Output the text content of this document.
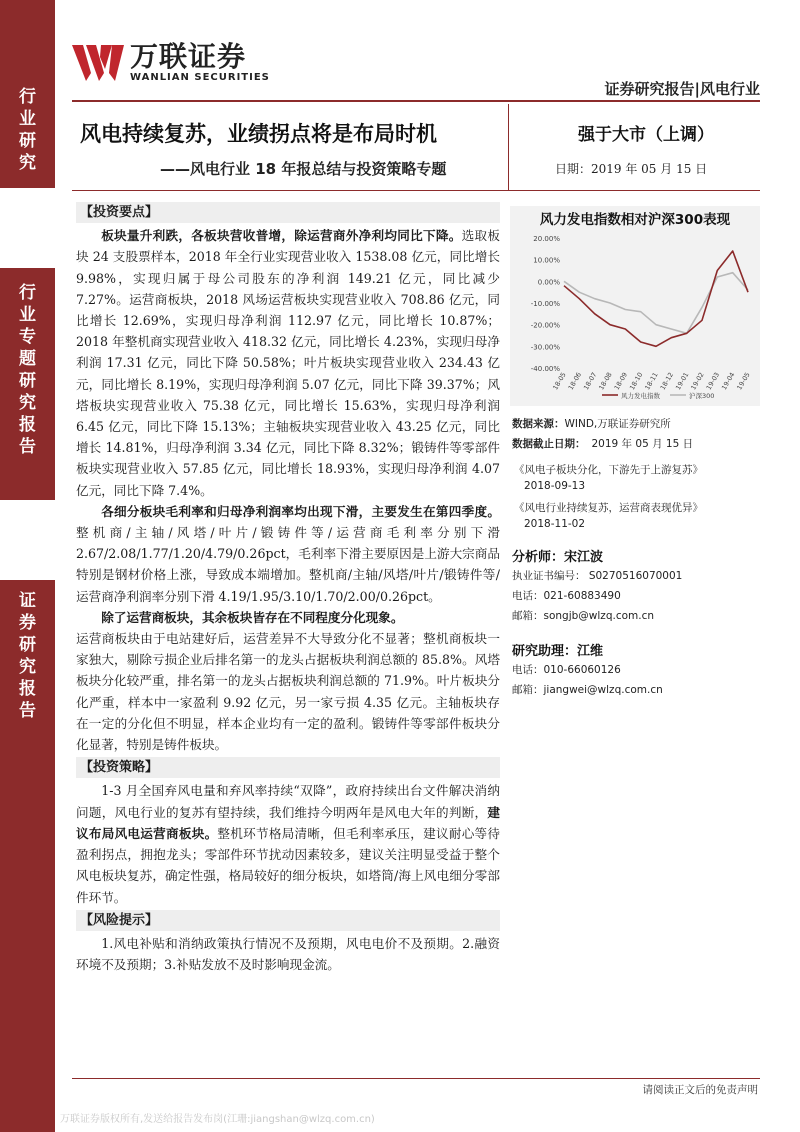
行
业
研
究
行
业
专
题
研
究
报
告
证
券
研
究
报
告
万联证券
WANLIAN SECURITIES
证券研究报告|风电行业
风电持续复苏，业绩拐点将是布局时机
——风电行业 18 年报总结与投资策略专题
强于大市（上调）
日期：2019 年 05 月 15 日
【投资要点】

板块量升利跌，各板块营收普增，除运营商外净利均同比下降。选取板块 24 支股票样本，2018 年全行业实现营业收入 1538.08 亿元，同比增长 9.98%，实现归属于母公司股东的净利润 149.21 亿元，同比减少 7.27%。运营商板块，2018 风场运营板块实现营业收入 708.86 亿元，同比增长 12.69%，实现归母净利润 112.97 亿元，同比增长 10.87%；2018 年整机商实现营业收入 418.32 亿元，同比增长 4.23%，实现归母净利润 17.31 亿元，同比下降 50.58%；叶片板块实现营业收入 234.43 亿元，同比增长 8.19%，实现归母净利润 5.07 亿元，同比下降 39.37%；风塔板块实现营业收入 75.38 亿元，同比增长 15.63%，实现归母净利润 6.45 亿元，同比下降 15.13%；主轴板块实现营业收入 43.25 亿元，同比增长 14.81%，归母净利润 3.34 亿元，同比下降 8.32%；锻铸件等零部件板块实现营业收入 57.85 亿元，同比增长 18.93%，实现归母净利润 4.07 亿元，同比下降 7.4%。

各细分板块毛利率和归母净利润率均出现下滑，主要发生在第四季度。整机商/主轴/风塔/叶片/锻铸件等/运营商毛利率分别下滑 2.67/2.08/1.77/1.20/4.79/0.26pct，毛利率下滑主要原因是上游大宗商品特别是钢材价格上涨，导致成本端增加。整机商/主轴/风塔/叶片/锻铸件等/运营商净利润率分别下滑 4.19/1.95/3.10/1.70/2.00/0.26pct。

除了运营商板块，其余板块皆存在不同程度分化现象。

运营商板块由于电站建好后，运营差异不大导致分化不显著；整机商板块一家独大，剔除亏损企业后排名第一的龙头占据板块利润总额的 85.8%。风塔板块分化较严重，排名第一的龙头占据板块利润总额的 71.9%。叶片板块分化严重，样本中一家盈利 9.92 亿元，另一家亏损 4.35 亿元。主轴板块存在一定的分化但不明显，样本企业均有一定的盈利。锻铸件等零部件板块分化显著，特别是铸件板块。

【投资策略】

1-3 月全国弃风电量和弃风率持续“双降”，政府持续出台文件解决消纳问题，风电行业的复苏有望持续，我们维持今明两年是风电大年的判断，建议布局风电运营商板块。整机环节格局清晰，但毛利率承压，建议耐心等待盈利拐点，拥抱龙头；零部件环节扰动因素较多，建议关注明显受益于整个风电板块复苏，确定性强，格局较好的细分板块，如塔筒/海上风电细分零部件环节。

【风险提示】

1.风电补贴和消纳政策执行情况不及预期，风电电价不及预期。2.融资环境不及预期；3.补贴发放不及时影响现金流。

风力发电指数相对沪深300表现
20.00%
10.00%
0.00%
-10.00%
-20.00%
-30.00%
-40.00%
18-05
18-06
18-07
18-08
18-09
18-10
18-11
18-12
19-01
19-02
19-03
19-04
19-05
风力发电指数	沪深300
数据来源：WIND,万联证券研究所
数据截止日期： 2019 年 05 月 15 日
《风电子板块分化，下游先于上游复苏》
2018-09-13
《风电行业持续复苏，运营商表现优异》
2018-11-02
分析师：宋江波
执业证书编号： S0270516070001
电话：021-60883490
邮箱：songjb@wlzq.com.cn
研究助理：江维
电话：010-66060126
邮箱：jiangwei@wlzq.com.cn
请阅读正文后的免责声明
万联证券版权所有,发送给报告发布岗(江珊:jiangshan@wlzq.com.cn)
